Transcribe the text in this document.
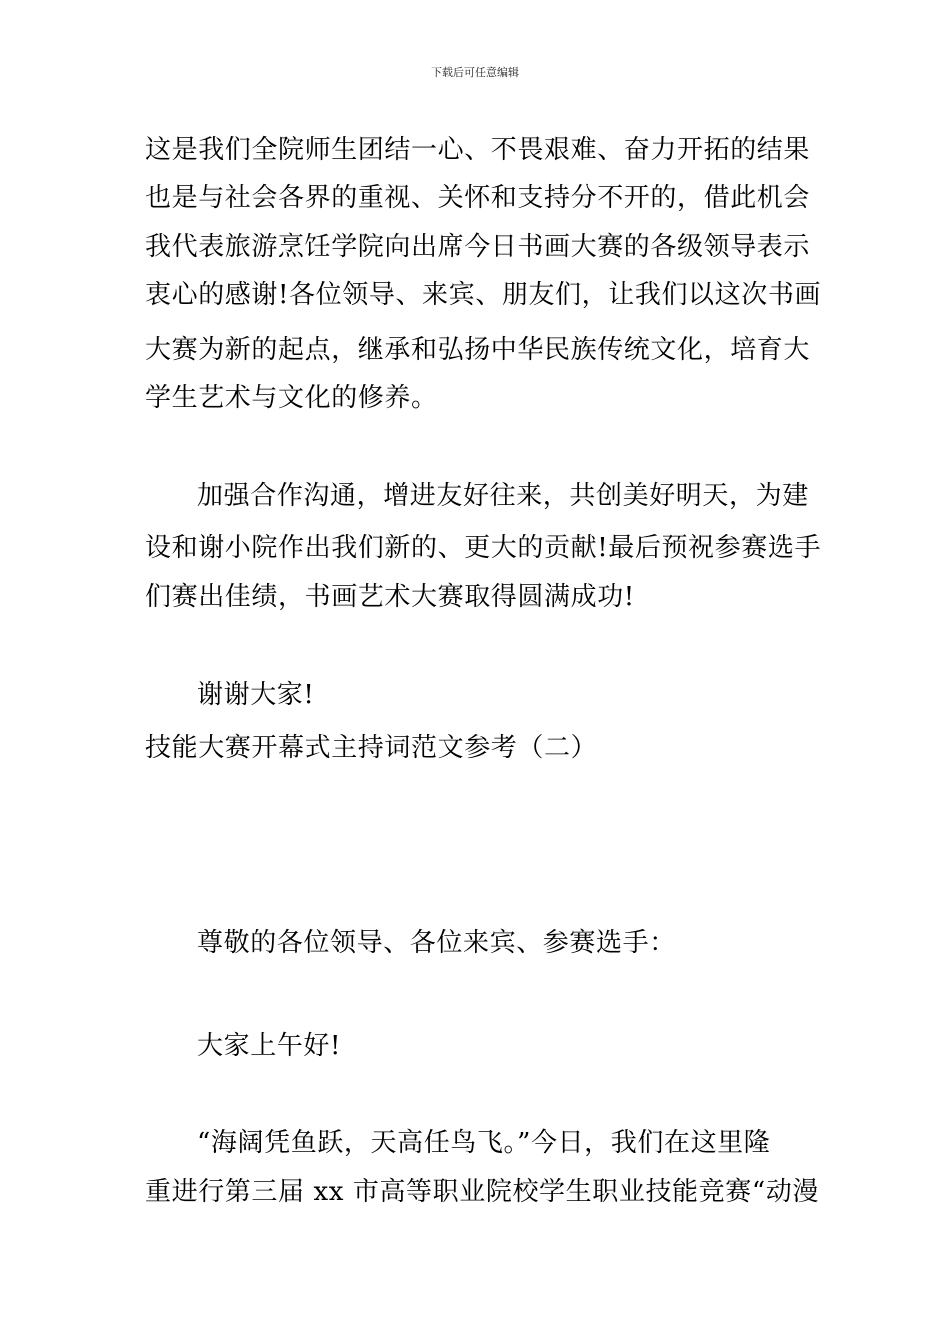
下载后可任意编辑
这是我们全院师生团结一心、不畏艰难、奋力开拓的结果
也是与社会各界的重视、关怀和支持分不开的，借此机会
我代表旅游烹饪学院向出席今日书画大赛的各级领导表示
衷心的感谢!各位领导、来宾、朋友们，让我们以这次书画
大赛为新的起点，继承和弘扬中华民族传统文化，培育大
学生艺术与文化的修养。
加强合作沟通，增进友好往来，共创美好明天，为建
设和谢小院作出我们新的、更大的贡献!最后预祝参赛选手
们赛出佳绩，书画艺术大赛取得圆满成功!
谢谢大家!
技能大赛开幕式主持词范文参考（二）
尊敬的各位领导、各位来宾、参赛选手：
大家上午好!
“海阔凭鱼跃，天高任鸟飞。”今日，我们在这里隆
重进行第三届 xx 市高等职业院校学生职业技能竞赛“动漫
